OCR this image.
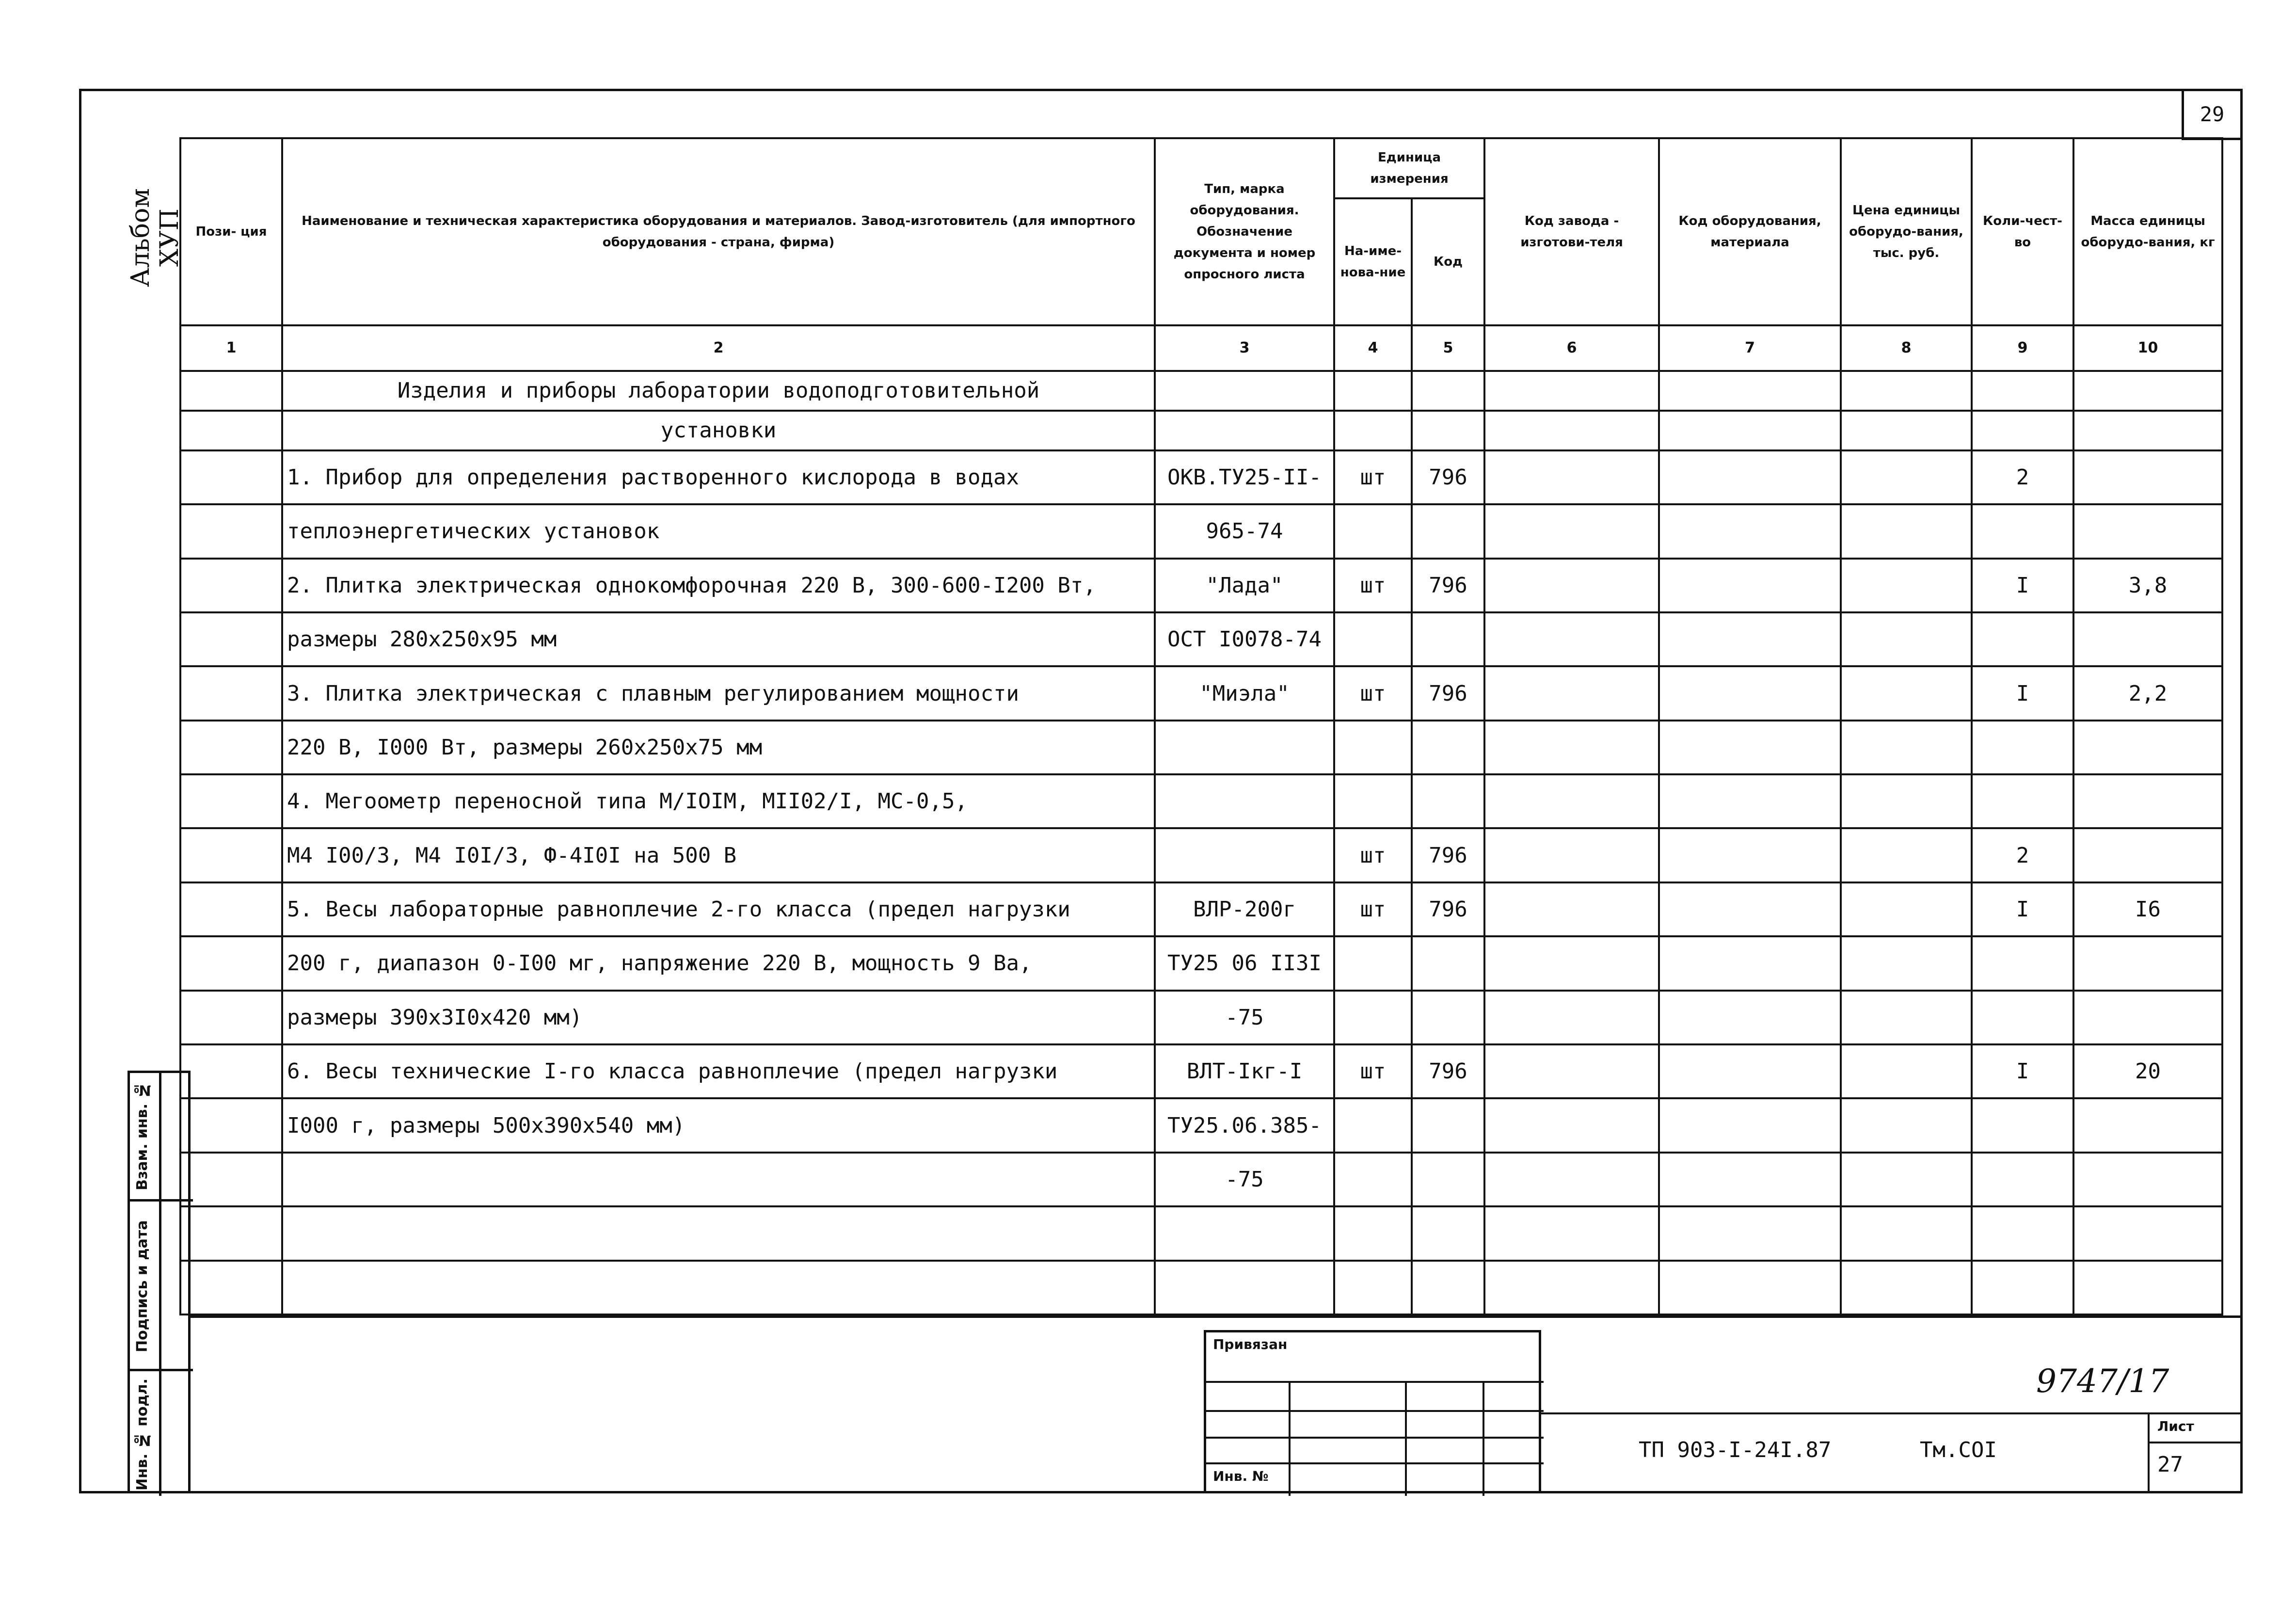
29
Альбом ХУП Пози- ция	Наименование и техническая характеристика оборудования и материалов. Завод-изготовитель (для импортного оборудования - страна, фирма)	Тип, марка оборудования. Обозначение документа и номер опросного листа	Единица измерения		Код завода - изготови-теля	Код оборудования, материала	Цена единицы оборудо-вания, тыс. руб.	Коли-чест-во	Масса единицы оборудо-вания, кг
			На-име-нова-ние	Код					
1	2	3	4	5	6	7	8	9	10
	Изделия и приборы лаборатории водоподготовительной								
	установки								
	1. Прибор для определения растворенного кислорода в водах	ОКВ.ТУ25-II-	шт	796				2	
	теплоэнергетических установок	965-74							
	2. Плитка электрическая однокомфорочная 220 В, 300-600-I200 Вт,	"Лада"	шт	796				I	3,8
	размеры 280x250x95 мм	ОСТ I0078-74							
	3. Плитка электрическая с плавным регулированием мощности	"Миэла"	шт	796				I	2,2
	220 В, I000 Вт, размеры 260x250x75 мм								
	4. Мегоометр переносной типа М/IОIМ, МII02/I, МС-0,5,								
	М4 I00/3, М4 I0I/3, Ф-4I0I на 500 В		шт	796				2	
	5. Весы лабораторные равноплечие 2-го класса (предел нагрузки	ВЛР-200г	шт	796				I	I6
	200 г, диапазон 0-I00 мг, напряжение 220 В, мощность 9 Ва,	ТУ25 06 II3I							
	размеры 390x3I0x420 мм)	-75							
	6. Весы технические I-го класса равноплечие (предел нагрузки	ВЛТ-Iкг-I	шт	796				I	20
	I000 г, размеры 500x390x540 мм)	ТУ25.06.385-							
		-75							

Взам. инв. №
Подпись и дата
Инв. № подл.
Привязан
Инв. №
Лист
27
ТП 903-I-24I.87	Тм.СОI
9747/17
